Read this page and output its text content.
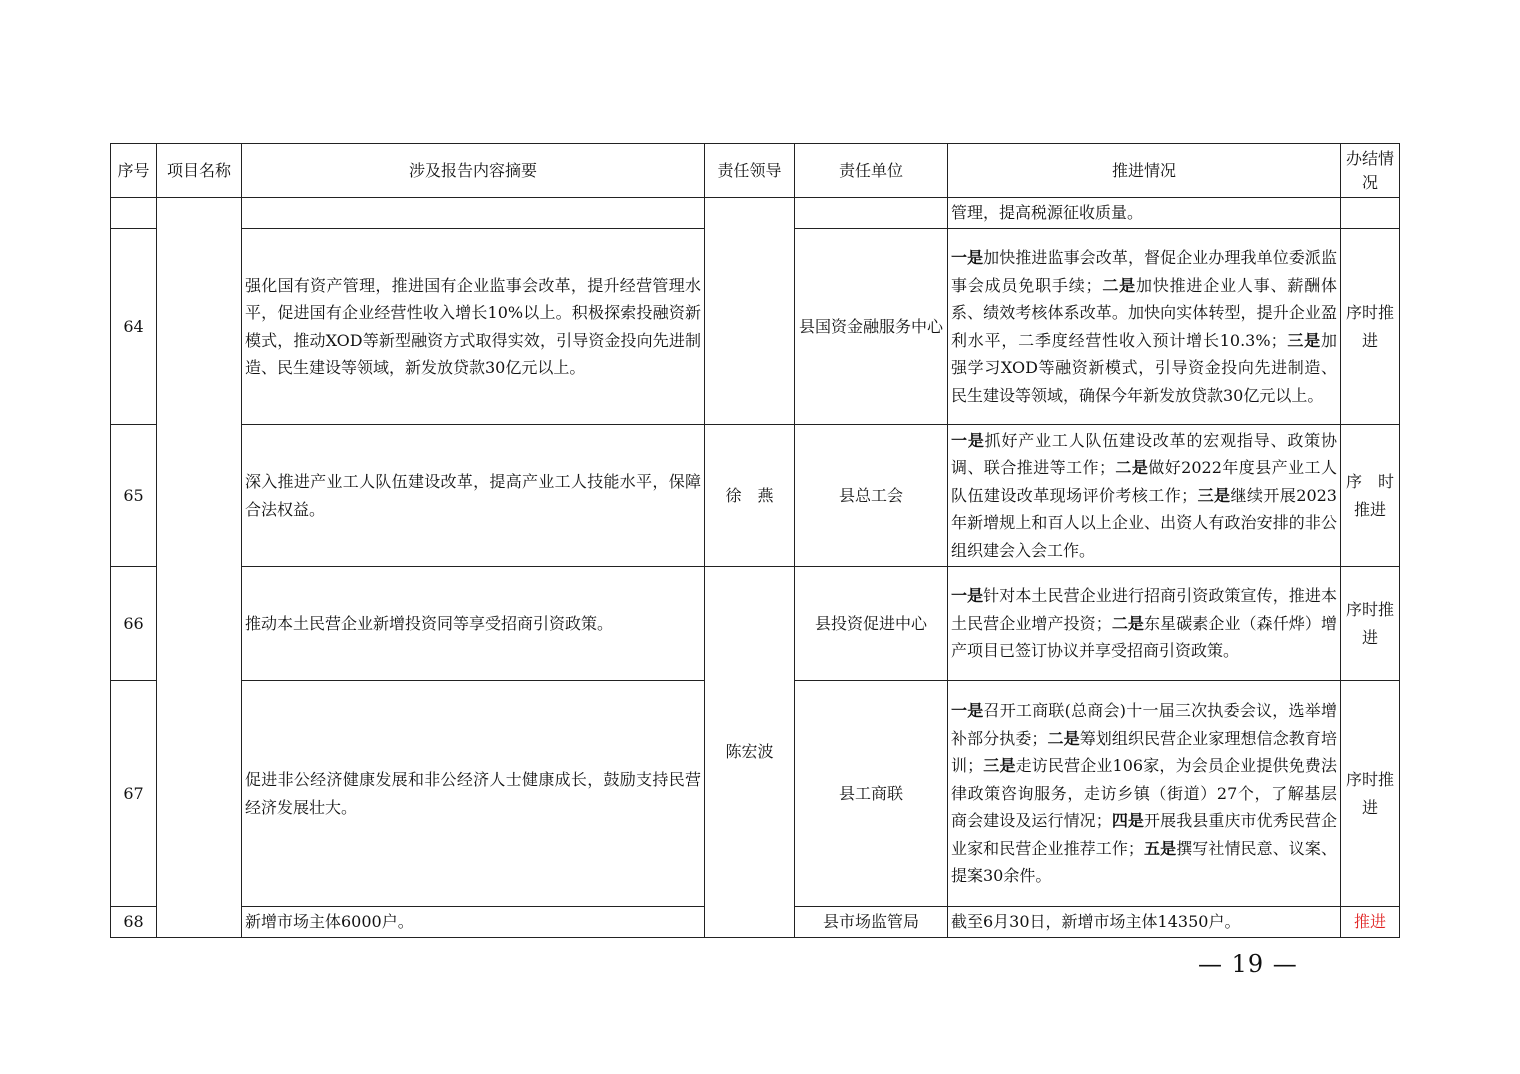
序号	项目名称	涉及报告内容摘要	责任领导	责任单位	推进情况	办结情况
					管理，提高税源征收质量。	
64		强化国有资产管理，推进国有企业监事会改革，提升经营管理水平，促进国有企业经营性收入增长10%以上。积极探索投融资新模式，推动XOD等新型融资方式取得实效，引导资金投向先进制造、民生建设等领域，新发放贷款30亿元以上。		县国资金融服务中心	一是加快推进监事会改革，督促企业办理我单位委派监事会成员免职手续；二是加快推进企业人事、薪酬体系、绩效考核体系改革。加快向实体转型，提升企业盈利水平，二季度经营性收入预计增长10.3%；三是加强学习XOD等融资新模式，引导资金投向先进制造、民生建设等领域，确保今年新发放贷款30亿元以上。	序时推进
65		深入推进产业工人队伍建设改革，提高产业工人技能水平，保障合法权益。	徐　燕	县总工会	一是抓好产业工人队伍建设改革的宏观指导、政策协调、联合推进等工作；二是做好2022年度县产业工人队伍建设改革现场评价考核工作；三是继续开展2023年新增规上和百人以上企业、出资人有政治安排的非公组织建会入会工作。	序　时推进
66		推动本土民营企业新增投资同等享受招商引资政策。	陈宏波	县投资促进中心	一是针对本土民营企业进行招商引资政策宣传，推进本土民营企业增产投资；二是东星碳素企业（森仟烨）增产项目已签订协议并享受招商引资政策。	序时推进
67		促进非公经济健康发展和非公经济人士健康成长，鼓励支持民营经济发展壮大。		县工商联	一是召开工商联(总商会)十一届三次执委会议，选举增补部分执委；二是筹划组织民营企业家理想信念教育培训；三是走访民营企业106家，为会员企业提供免费法律政策咨询服务，走访乡镇（街道）27个，了解基层商会建设及运行情况；四是开展我县重庆市优秀民营企业家和民营企业推荐工作；五是撰写社情民意、议案、提案30余件。	序时推进
68		新增市场主体6000户。		县市场监管局	截至6月30日，新增市场主体14350户。	推进
— 19 —
